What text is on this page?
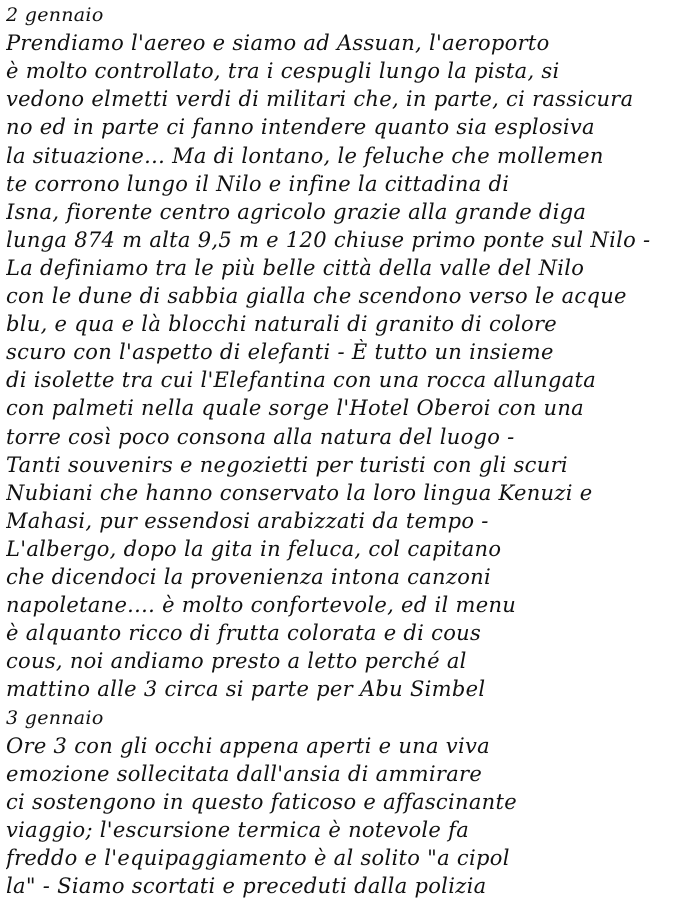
2 gennaio
Prendiamo l'aereo e siamo ad Assuan, l'aeroporto
è molto controllato, tra i cespugli lungo la pista, si
vedono elmetti verdi di militari che, in parte, ci rassicura
no ed in parte ci fanno intendere quanto sia esplosiva
la situazione... Ma di lontano, le feluche che mollemen
te corrono lungo il Nilo e infine la cittadina di
Isna, fiorente centro agricolo grazie alla grande diga
lunga 874 m alta 9,5 m e 120 chiuse primo ponte sul Nilo -
La definiamo tra le più belle città della valle del Nilo
con le dune di sabbia gialla che scendono verso le acque
blu, e qua e là blocchi naturali di granito di colore
scuro con l'aspetto di elefanti - È tutto un insieme
di isolette tra cui l'Elefantina con una rocca allungata
con palmeti nella quale sorge l'Hotel Oberoi con una
torre così poco consona alla natura del luogo -
Tanti souvenirs e negozietti per turisti con gli scuri
Nubiani che hanno conservato la loro lingua Kenuzi e
Mahasi, pur essendosi arabizzati da tempo -
L'albergo, dopo la gita in feluca, col capitano
che dicendoci la provenienza intona canzoni
napoletane.... è molto confortevole, ed il menu
è alquanto ricco di frutta colorata e di cous
cous, noi andiamo presto a letto perché al
mattino alle 3 circa si parte per Abu Simbel
3 gennaio
Ore 3 con gli occhi appena aperti e una viva
emozione sollecitata dall'ansia di ammirare
ci sostengono in questo faticoso e affascinante
viaggio; l'escursione termica è notevole fa
freddo e l'equipaggiamento è al solito "a cipol
la" - Siamo scortati e preceduti dalla polizia
